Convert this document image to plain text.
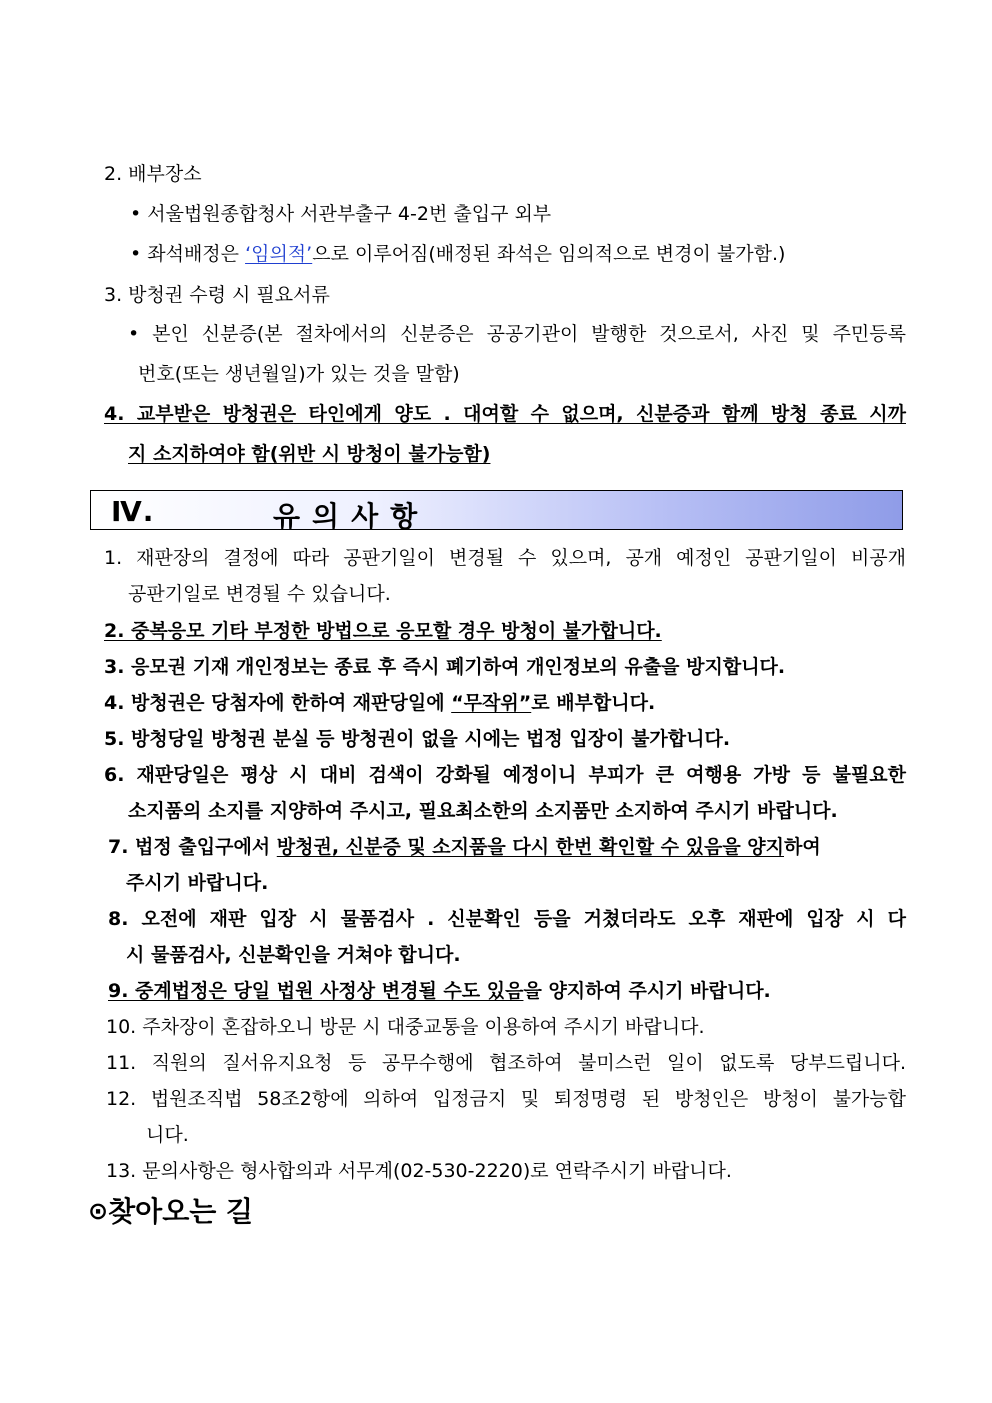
2. 배부장소
• 서울법원종합청사 서관부출구 4-2번 출입구 외부
• 좌석배정은 ‘임의적’으로 이루어짐(배정된 좌석은 임의적으로 변경이 불가함.)
3. 방청권 수령 시 필요서류
• 본인 신분증(본 절차에서의 신분증은 공공기관이 발행한 것으로서, 사진 및 주민등록
번호(또는 생년월일)가 있는 것을 말함)
4. 교부받은 방청권은 타인에게 양도 . 대여할 수 없으며, 신분증과 함께 방청 종료 시까
지 소지하여야 함(위반 시 방청이 불가능함)
Ⅳ.	유의사항
1. 재판장의 결정에 따라 공판기일이 변경될 수 있으며, 공개 예정인 공판기일이 비공개
공판기일로 변경될 수 있습니다.
2. 중복응모 기타 부정한 방법으로 응모할 경우 방청이 불가합니다.
3. 응모권 기재 개인정보는 종료 후 즉시 폐기하여 개인정보의 유출을 방지합니다.
4. 방청권은 당첨자에 한하여 재판당일에 “무작위”로 배부합니다.
5. 방청당일 방청권 분실 등 방청권이 없을 시에는 법정 입장이 불가합니다.
6. 재판당일은 평상 시 대비 검색이 강화될 예정이니 부피가 큰 여행용 가방 등 불필요한
소지품의 소지를 지양하여 주시고, 필요최소한의 소지품만 소지하여 주시기 바랍니다.
7. 법정 출입구에서 방청권, 신분증 및 소지품을 다시 한번 확인할 수 있음을 양지하여
주시기 바랍니다.
8. 오전에 재판 입장 시 물품검사 . 신분확인 등을 거쳤더라도 오후 재판에 입장 시 다
시 물품검사, 신분확인을 거쳐야 합니다.
9. 중계법정은 당일 법원 사정상 변경될 수도 있음을 양지하여 주시기 바랍니다.
10. 주차장이 혼잡하오니 방문 시 대중교통을 이용하여 주시기 바랍니다.
11. 직원의 질서유지요청 등 공무수행에 협조하여 불미스런 일이 없도록 당부드립니다.
12. 법원조직법 58조2항에 의하여 입정금지 및 퇴정명령 된 방청인은 방청이 불가능합
니다.
13. 문의사항은 형사합의과 서무계(02-530-2220)로 연락주시기 바랍니다.
⊙찾아오는 길
